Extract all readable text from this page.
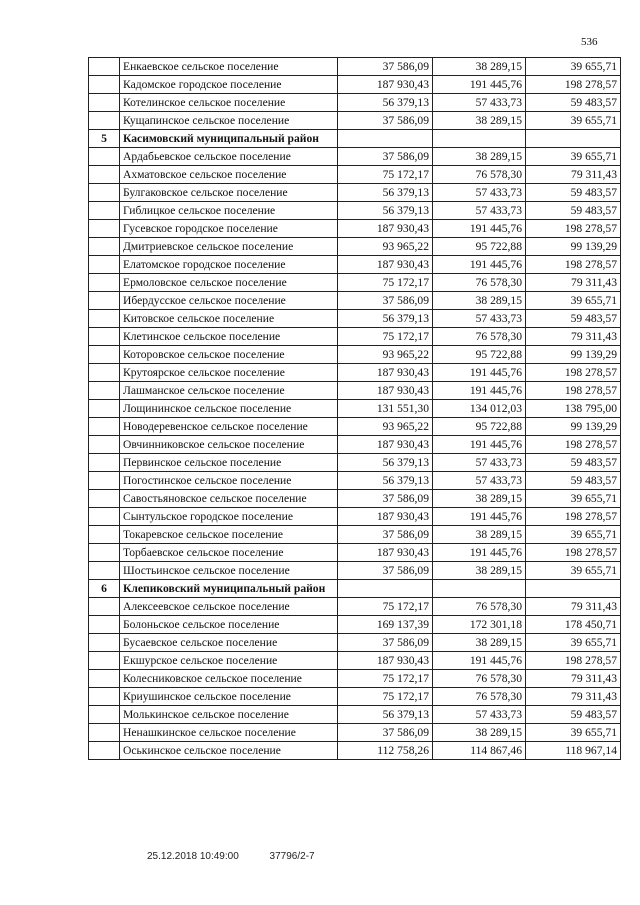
536
	Енкаевское сельское поселение	37 586,09	38 289,15	39 655,71
	Кадомское городское поселение	187 930,43	191 445,76	198 278,57
	Котелинское сельское поселение	56 379,13	57 433,73	59 483,57
	Кущапинское сельское поселение	37 586,09	38 289,15	39 655,71
5	Касимовский муниципальный район			
	Ардабьевское сельское поселение	37 586,09	38 289,15	39 655,71
	Ахматовское сельское поселение	75 172,17	76 578,30	79 311,43
	Булгаковское сельское поселение	56 379,13	57 433,73	59 483,57
	Гиблицкое сельское поселение	56 379,13	57 433,73	59 483,57
	Гусевское городское поселение	187 930,43	191 445,76	198 278,57
	Дмитриевское сельское поселение	93 965,22	95 722,88	99 139,29
	Елатомское городское поселение	187 930,43	191 445,76	198 278,57
	Ермоловское сельское поселение	75 172,17	76 578,30	79 311,43
	Ибердусское сельское поселение	37 586,09	38 289,15	39 655,71
	Китовское сельское поселение	56 379,13	57 433,73	59 483,57
	Клетинское сельское поселение	75 172,17	76 578,30	79 311,43
	Которовское сельское поселение	93 965,22	95 722,88	99 139,29
	Крутоярское сельское поселение	187 930,43	191 445,76	198 278,57
	Лашманское сельское поселение	187 930,43	191 445,76	198 278,57
	Лощининское сельское поселение	131 551,30	134 012,03	138 795,00
	Новодеревенское сельское поселение	93 965,22	95 722,88	99 139,29
	Овчинниковское сельское поселение	187 930,43	191 445,76	198 278,57
	Первинское сельское поселение	56 379,13	57 433,73	59 483,57
	Погостинское сельское поселение	56 379,13	57 433,73	59 483,57
	Савостьяновское сельское поселение	37 586,09	38 289,15	39 655,71
	Сынтульское городское поселение	187 930,43	191 445,76	198 278,57
	Токаревское сельское поселение	37 586,09	38 289,15	39 655,71
	Торбаевское сельское поселение	187 930,43	191 445,76	198 278,57
	Шостьинское сельское поселение	37 586,09	38 289,15	39 655,71
6	Клепиковский муниципальный район			
	Алексеевское сельское поселение	75 172,17	76 578,30	79 311,43
	Болоньское сельское поселение	169 137,39	172 301,18	178 450,71
	Бусаевское сельское поселение	37 586,09	38 289,15	39 655,71
	Екшурское сельское поселение	187 930,43	191 445,76	198 278,57
	Колесниковское сельское поселение	75 172,17	76 578,30	79 311,43
	Криушинское сельское поселение	75 172,17	76 578,30	79 311,43
	Молькинское сельское поселение	56 379,13	57 433,73	59 483,57
	Ненашкинское сельское поселение	37 586,09	38 289,15	39 655,71
	Оськинское сельское поселение	112 758,26	114 867,46	118 967,14
25.12.2018 10:49:00	37796/2-7
